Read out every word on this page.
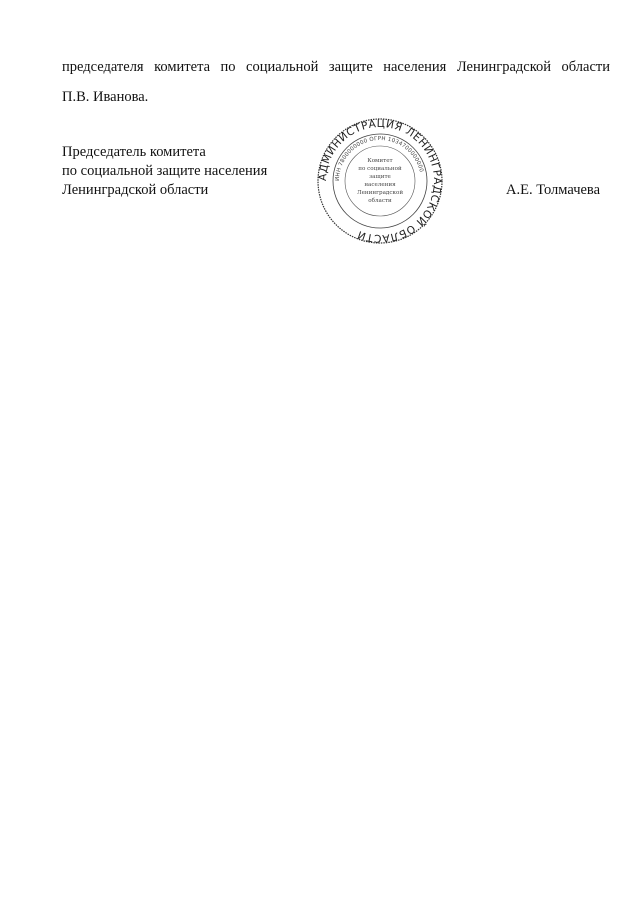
председателя комитета по социальной защите населения Ленинградской области
П.В. Иванова.
Председатель комитета
по социальной защите населения
Ленинградской области	А.Е. Толмачева
АДМИНИСТРАЦИЯ ЛЕНИНГРАДСКОЙ ОБЛАСТИ
ИНН 7800000000 ОГРН 1034700000000
Комитет
по социальной
защите
населения
Ленинградской
области
